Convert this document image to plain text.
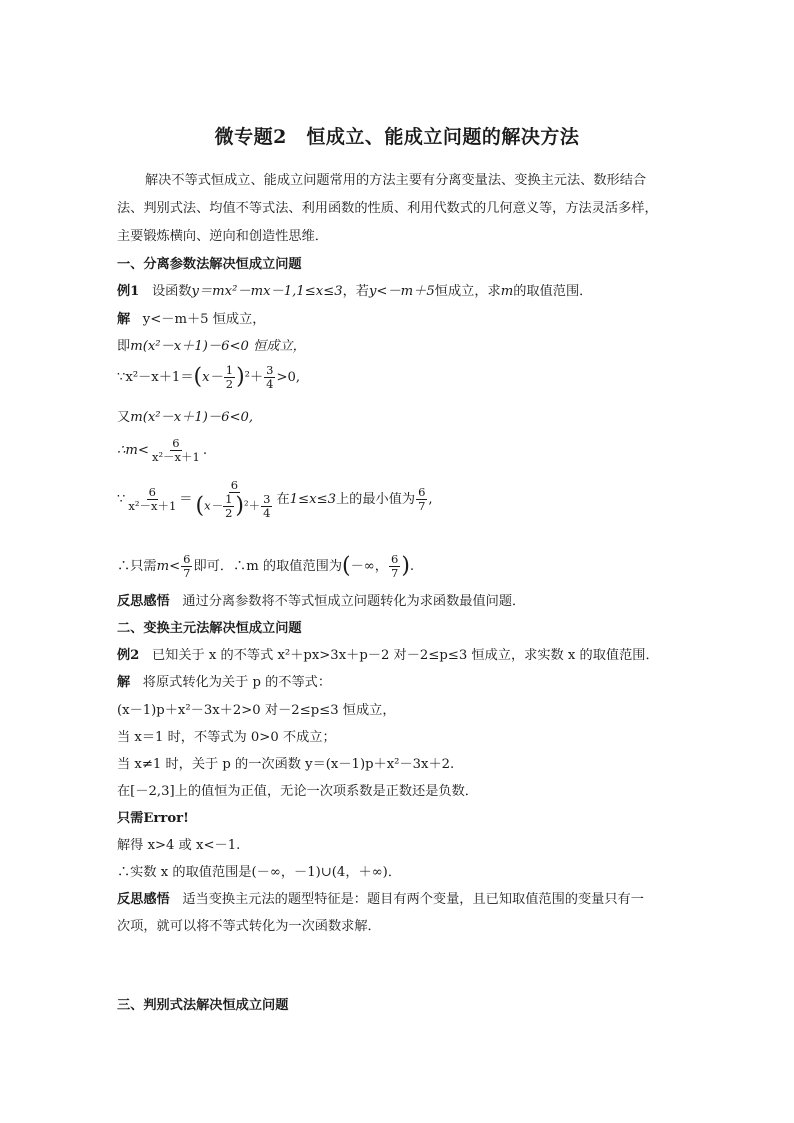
微专题2　恒成立、能成立问题的解决方法
解决不等式恒成立、能成立问题常用的方法主要有分离变量法、变换主元法、数形结合
法、判别式法、均值不等式法、利用函数的性质、利用代数式的几何意义等，方法灵活多样，
主要锻炼横向、逆向和创造性思维．
一、分离参数法解决恒成立问题
例1 设函数y＝mx²－mx－1,1≤x≤3，若y<－m＋5恒成立，求m的取值范围．
解 y<－m＋5 恒成立，
即m(x²－x＋1)－6<0 恒成立，
∵x²－x＋1＝(x－ $\frac{1}{2} )^2+ \frac{3}{4} >0$,
又m(x²－x＋1)－6<0,
∴m< $\frac{6}{\text{x²－x＋1}}$ .
∵ $\frac{6}{\text{x²－x＋1}} = \frac{6}{(x- \frac{1}{2} )^2+ \frac{3}{4}}$ 在1≤x≤3上的最小值为 $\frac{6}{7}$ ,
∴只需$m< \frac{6}{7}$ 即可．∴m 的取值范围为(－∞， $\frac{6}{7}$ ).
反思感悟 通过分离参数将不等式恒成立问题转化为求函数最值问题．
二、变换主元法解决恒成立问题
例2 已知关于 x 的不等式 x²＋px>3x＋p－2 对－2≤p≤3 恒成立，求实数 x 的取值范围．
解 将原式转化为关于 p 的不等式：
(x－1)p＋x²－3x＋2>0 对－2≤p≤3 恒成立，
当 x＝1 时，不等式为 0>0 不成立；
当 x≠1 时，关于 p 的一次函数 y＝(x－1)p＋x²－3x＋2.
在[－2,3]上的值恒为正值，无论一次项系数是正数还是负数．
只需Error!
解得 x>4 或 x<－1.
∴实数 x 的取值范围是(－∞，－1)∪(4，＋∞)．
反思感悟 适当变换主元法的题型特征是：题目有两个变量，且已知取值范围的变量只有一
次项，就可以将不等式转化为一次函数求解．
三、判别式法解决恒成立问题
